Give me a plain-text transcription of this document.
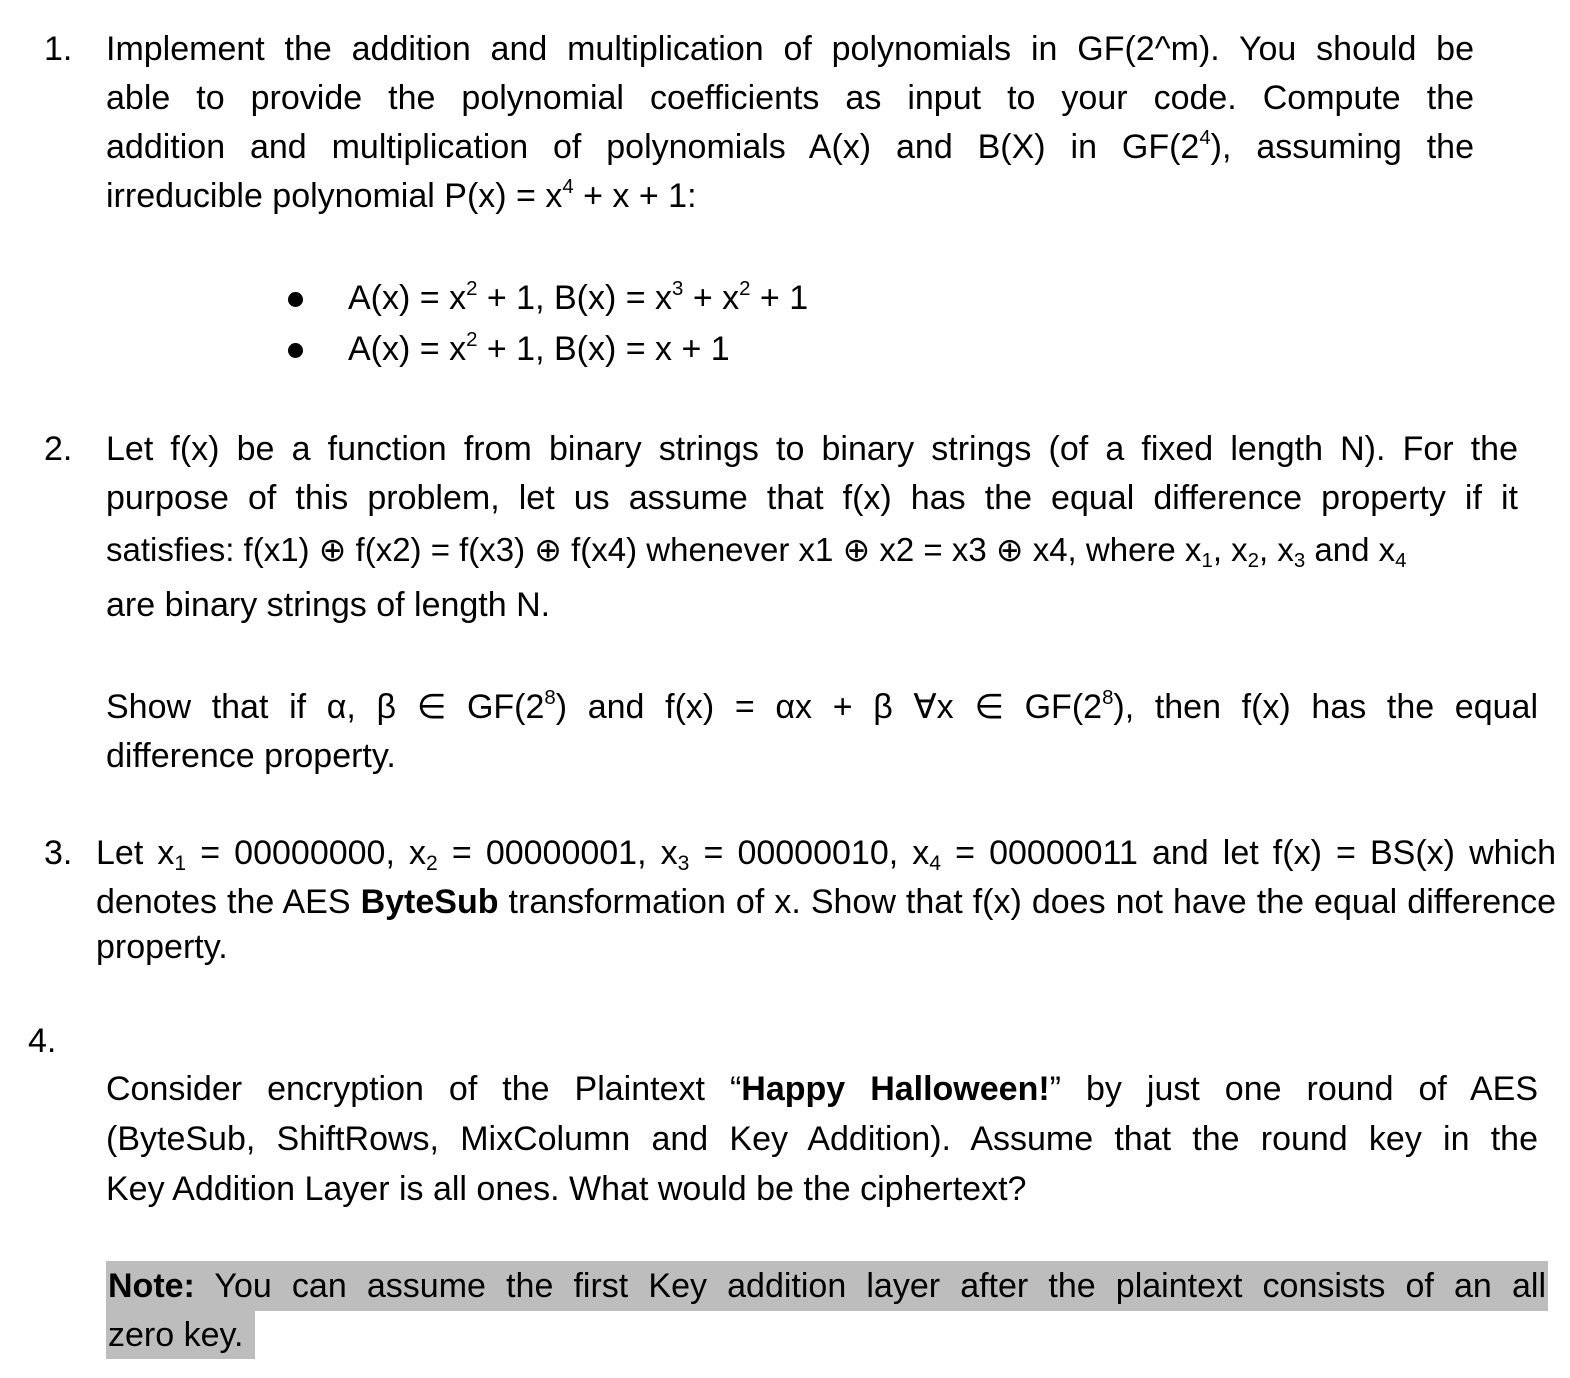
1. Implement the addition and multiplication of polynomials in GF(2^m). You should be
able to provide the polynomial coefficients as input to your code. Compute the
addition and multiplication of polynomials A(x) and B(X) in $GF(2^4)$, assuming the
irreducible polynomial $P(x) = x^4 + x + 1$:
$A(x) = x^2 + 1$, $B(x) = x^3 + x^2 + 1$
$A(x) = x^2 + 1$, B(x) = x + 1
2. Let f(x) be a function from binary strings to binary strings (of a fixed length N). For the
purpose of this problem, let us assume that f(x) has the equal difference property if it
satisfies: f(x1) ⊕ f(x2) = f(x3) ⊕ f(x4) whenever x1 ⊕ x2 = x3 ⊕ x4, where x1, x2, x3 and x4
are binary strings of length N.
Show that if α, β ∈ $GF(2^8)$ and f(x) = αx + β ∀x ∈ $GF(2^8)$, then f(x) has the equal
difference property.
3. Let x1 = 00000000, x2 = 00000001, x3 = 00000010, x4 = 00000011 and let f(x) = BS(x) which
denotes the AES ByteSub transformation of x. Show that f(x) does not have the equal difference
property.
4.
Consider encryption of the Plaintext “Happy Halloween!” by just one round of AES
(ByteSub, ShiftRows, MixColumn and Key Addition). Assume that the round key in the
Key Addition Layer is all ones. What would be the ciphertext?
Note: You can assume the first Key addition layer after the plaintext consists of an all
zero key.
